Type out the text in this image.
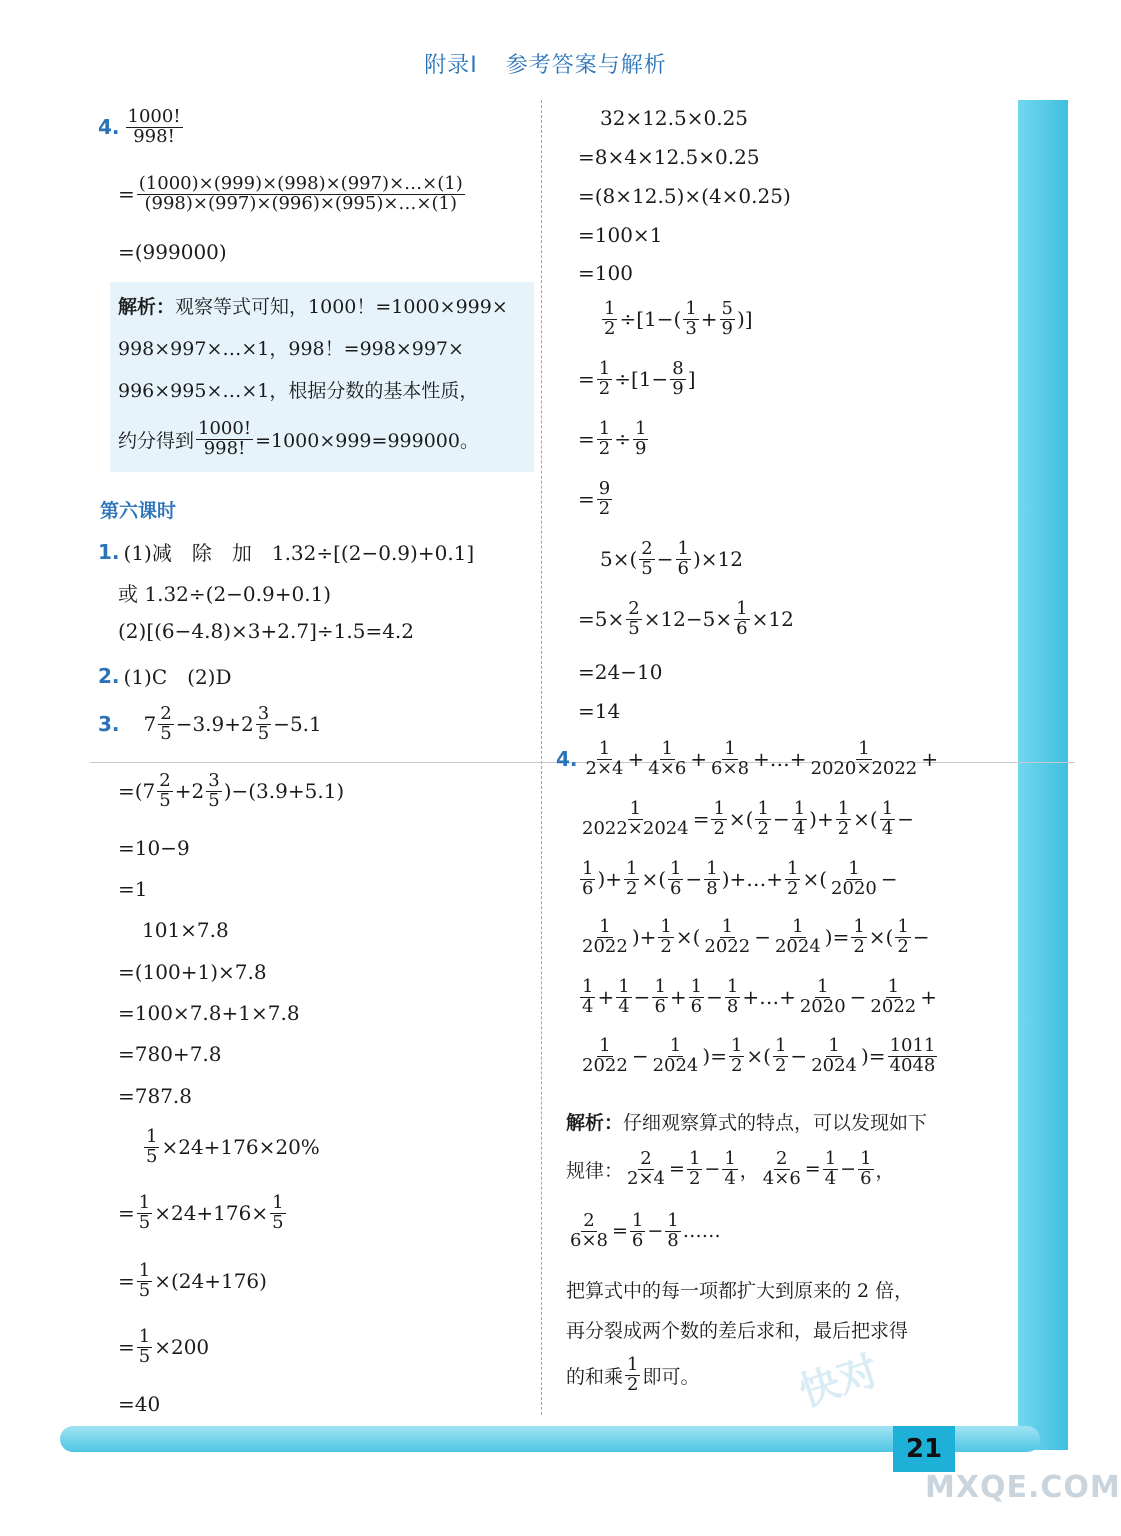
附录Ⅰ 参考答案与解析
4. $\frac{1000!}{998!}$
= $\frac{(1000)\times(999)\times(998)\times(997)\times\dots\times(1)}{(998)\times(997)\times(996)\times(995)\times\dots\times(1)}$
=(999000)
解析： 观察等式可知，1000！=1000×999×
998×997×…×1，998！=998×997×
996×995×…×1，根据分数的基本性质，
约分得到 $\frac{1000!}{998!} =1000\times 999=999000$。
第六课时
1. (1)减　除　加　1.32÷[(2−0.9)+0.1]
或 1.32÷(2−0.9+0.1)
(2)[(6−4.8)×3+2.7]÷1.5=4.2
2. (1)C　(2)D
3. $7 \frac{2}{5} -3.9+2 \frac{3}{5} -5.1$
$=(7 \frac{2}{5} +2 \frac{3}{5} )-(3.9+5.1)$
=10−9
=1
101×7.8
=(100+1)×7.8
=100×7.8+1×7.8
=780+7.8
=787.8
$\frac{1}{5} \times 24+176\times 20\%$
= $\frac{1}{5} \times 24+176\times \frac{1}{5}$
= $\frac{1}{5} \times(24+176)$
= $\frac{1}{5} \times 200$
=40
32×12.5×0.25
=8×4×12.5×0.25
=(8×12.5)×(4×0.25)
=100×1
=100
$\frac{1}{2} \div[1-( \frac{1}{3} + \frac{5}{9}$ )]
= $\frac{1}{2} \div[1- \frac{8}{9}$ ]
= $\frac{1}{2} \div \frac{1}{9}$
= $\frac{9}{2}$
$5\times( \frac{2}{5} - \frac{1}{6} )\times 12$
$=5\times \frac{2}{5} \times 12-5\times \frac{1}{6} \times 12$
=24−10
=14
4. $\frac{1}{2\times 4} + \frac{1}{4\times 6} + \frac{1}{6\times 8}$ +…+ $\frac{1}{2020\times 2022}$ +
$\frac{1}{2022\times 2024} = \frac{1}{2}$ ×( $\frac{1}{2} - \frac{1}{4}$ )+ $\frac{1}{2}$ ×( $\frac{1}{4}$ −
$\frac{1}{6}$ )+ $\frac{1}{2}$ ×( $\frac{1}{6} - \frac{1}{8}$ )+…+ $\frac{1}{2}$ ×( $\frac{1}{2020}$ −
$\frac{1}{2022}$ )+ $\frac{1}{2}$ ×( $\frac{1}{2022} - \frac{1}{2024}$ )= $\frac{1}{2}$ ×( $\frac{1}{2}$ −
$\frac{1}{4} + \frac{1}{4} - \frac{1}{6} + \frac{1}{6} - \frac{1}{8}$ +…+ $\frac{1}{2020} - \frac{1}{2022}$ +
$\frac{1}{2022} - \frac{1}{2024}$ )= $\frac{1}{2}$ ×( $\frac{1}{2} - \frac{1}{2024}$ )= $\frac{1011}{4048}$
解析： 仔细观察算式的特点，可以发现如下
规律： $\frac{2}{2\times 4} = \frac{1}{2} - \frac{1}{4}$ ， $\frac{2}{4\times 6} = \frac{1}{4} - \frac{1}{6}$ ，
$\frac{2}{6\times 8} = \frac{1}{6} - \frac{1}{8}$ ……
把算式中的每一项都扩大到原来的 2 倍，
再分裂成两个数的差后求和，最后把求得
的和乘 $\frac{1}{2}$ 即可。 快对
21
MXQE.COM
